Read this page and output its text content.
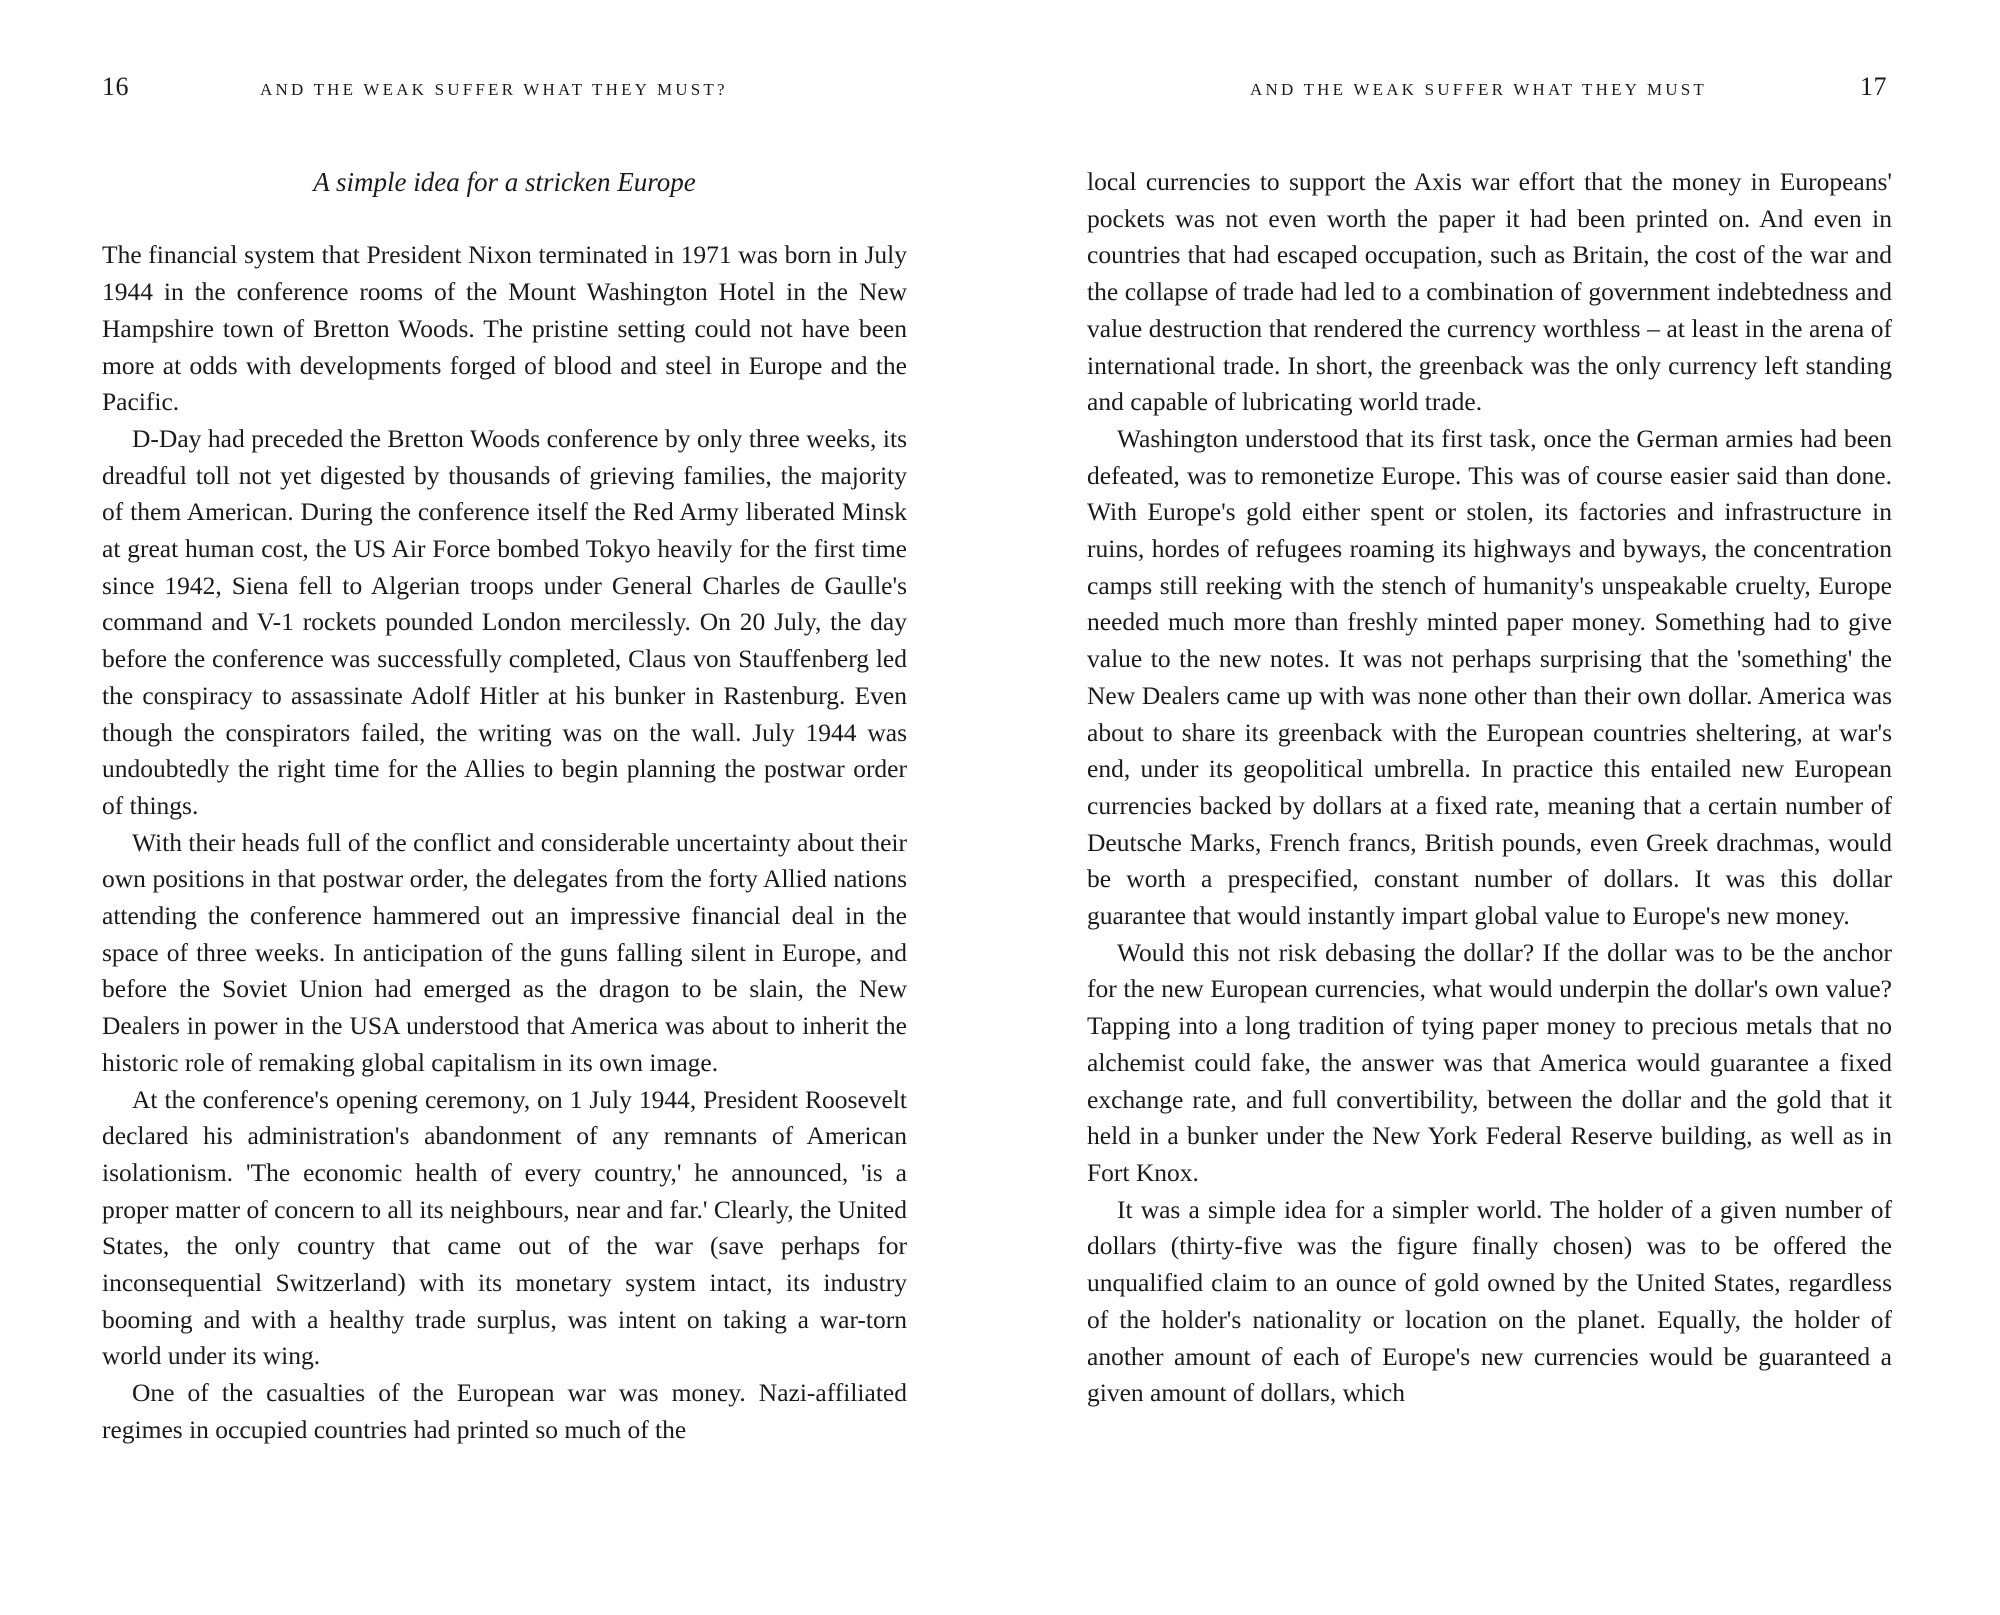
16	AND THE WEAK SUFFER WHAT THEY MUST?
A simple idea for a stricken Europe

The financial system that President Nixon terminated in 1971 was born in July 1944 in the conference rooms of the Mount Washington Hotel in the New Hampshire town of Bretton Woods. The pristine setting could not have been more at odds with developments forged of blood and steel in Europe and the Pacific.

D-Day had preceded the Bretton Woods conference by only three weeks, its dreadful toll not yet digested by thousands of grieving families, the majority of them American. During the conference itself the Red Army liberated Minsk at great human cost, the US Air Force bombed Tokyo heavily for the first time since 1942, Siena fell to Algerian troops under General Charles de Gaulle's command and V-1 rockets pounded London mercilessly. On 20 July, the day before the conference was successfully completed, Claus von Stauffenberg led the conspiracy to assassinate Adolf Hitler at his bunker in Rastenburg. Even though the conspirators failed, the writing was on the wall. July 1944 was undoubtedly the right time for the Allies to begin planning the postwar order of things.

With their heads full of the conflict and considerable uncertainty about their own positions in that postwar order, the delegates from the forty Allied nations attending the conference hammered out an impressive financial deal in the space of three weeks. In anticipation of the guns falling silent in Europe, and before the Soviet Union had emerged as the dragon to be slain, the New Dealers in power in the USA understood that America was about to inherit the historic role of remaking global capitalism in its own image.

At the conference's opening ceremony, on 1 July 1944, President Roosevelt declared his administration's abandonment of any remnants of American isolationism. 'The economic health of every country,' he announced, 'is a proper matter of concern to all its neighbours, near and far.' Clearly, the United States, the only country that came out of the war (save perhaps for inconsequential Switzerland) with its monetary system intact, its industry booming and with a healthy trade surplus, was intent on taking a war-torn world under its wing.

One of the casualties of the European war was money. Nazi-affiliated regimes in occupied countries had printed so much of the

AND THE WEAK SUFFER WHAT THEY MUST	17

local currencies to support the Axis war effort that the money in Europeans' pockets was not even worth the paper it had been printed on. And even in countries that had escaped occupation, such as Britain, the cost of the war and the collapse of trade had led to a combination of government indebtedness and value destruction that rendered the currency worthless – at least in the arena of international trade. In short, the greenback was the only currency left standing and capable of lubricating world trade.

Washington understood that its first task, once the German armies had been defeated, was to remonetize Europe. This was of course easier said than done. With Europe's gold either spent or stolen, its factories and infrastructure in ruins, hordes of refugees roaming its highways and byways, the concentration camps still reeking with the stench of humanity's unspeakable cruelty, Europe needed much more than freshly minted paper money. Something had to give value to the new notes. It was not perhaps surprising that the 'something' the New Dealers came up with was none other than their own dollar. America was about to share its greenback with the European countries sheltering, at war's end, under its geopolitical umbrella. In practice this entailed new European currencies backed by dollars at a fixed rate, meaning that a certain number of Deutsche Marks, French francs, British pounds, even Greek drachmas, would be worth a prespecified, constant number of dollars. It was this dollar guarantee that would instantly impart global value to Europe's new money.

Would this not risk debasing the dollar? If the dollar was to be the anchor for the new European currencies, what would underpin the dollar's own value? Tapping into a long tradition of tying paper money to precious metals that no alchemist could fake, the answer was that America would guarantee a fixed exchange rate, and full convertibility, between the dollar and the gold that it held in a bunker under the New York Federal Reserve building, as well as in Fort Knox.

It was a simple idea for a simpler world. The holder of a given number of dollars (thirty-five was the figure finally chosen) was to be offered the unqualified claim to an ounce of gold owned by the United States, regardless of the holder's nationality or location on the planet. Equally, the holder of another amount of each of Europe's new currencies would be guaranteed a given amount of dollars, which
